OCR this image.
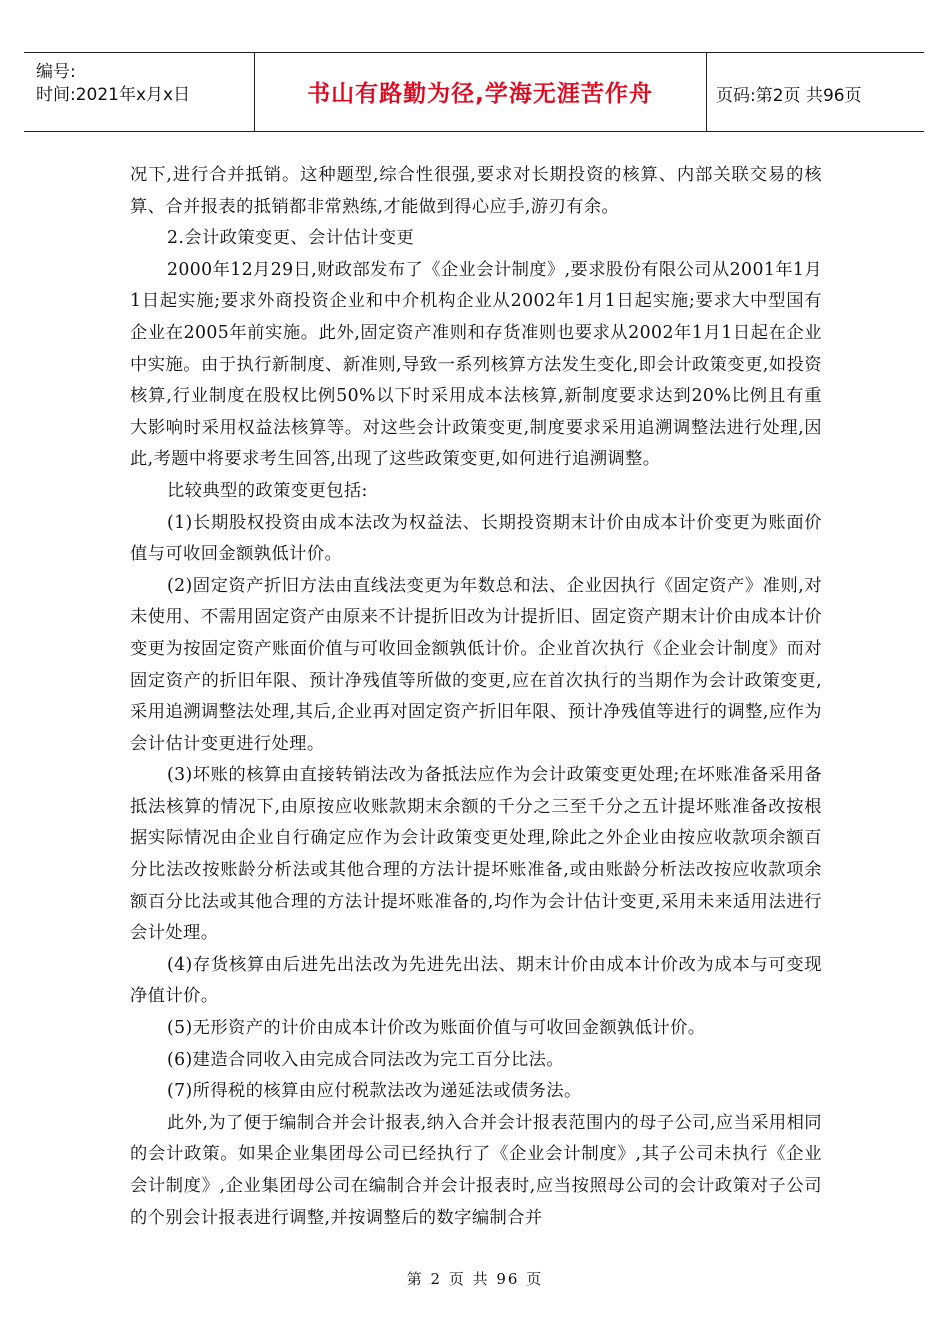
编号:
时间:2021年x月x日	书山有路勤为径,学海无涯苦作舟	页码:第2页 共96页

况下,进行合并抵销。这种题型,综合性很强,要求对长期投资的核算、内部关联交易的核算、合并报表的抵销都非常熟练,才能做到得心应手,游刃有余。

2.会计政策变更、会计估计变更

2000年12月29日,财政部发布了《企业会计制度》,要求股份有限公司从2001年1月1日起实施;要求外商投资企业和中介机构企业从2002年1月1日起实施;要求大中型国有企业在2005年前实施。此外,固定资产准则和存货准则也要求从2002年1月1日起在企业中实施。由于执行新制度、新准则,导致一系列核算方法发生变化,即会计政策变更,如投资核算,行业制度在股权比例50%以下时采用成本法核算,新制度要求达到20%比例且有重大影响时采用权益法核算等。对这些会计政策变更,制度要求采用追溯调整法进行处理,因此,考题中将要求考生回答,出现了这些政策变更,如何进行追溯调整。

比较典型的政策变更包括:

(1)长期股权投资由成本法改为权益法、长期投资期末计价由成本计价变更为账面价值与可收回金额孰低计价。

(2)固定资产折旧方法由直线法变更为年数总和法、企业因执行《固定资产》准则,对未使用、不需用固定资产由原来不计提折旧改为计提折旧、固定资产期末计价由成本计价变更为按固定资产账面价值与可收回金额孰低计价。企业首次执行《企业会计制度》而对固定资产的折旧年限、预计净残值等所做的变更,应在首次执行的当期作为会计政策变更,采用追溯调整法处理,其后,企业再对固定资产折旧年限、预计净残值等进行的调整,应作为会计估计变更进行处理。

(3)坏账的核算由直接转销法改为备抵法应作为会计政策变更处理;在坏账准备采用备抵法核算的情况下,由原按应收账款期末余额的千分之三至千分之五计提坏账准备改按根据实际情况由企业自行确定应作为会计政策变更处理,除此之外企业由按应收款项余额百分比法改按账龄分析法或其他合理的方法计提坏账准备,或由账龄分析法改按应收款项余额百分比法或其他合理的方法计提坏账准备的,均作为会计估计变更,采用未来适用法进行会计处理。

(4)存货核算由后进先出法改为先进先出法、期末计价由成本计价改为成本与可变现净值计价。

(5)无形资产的计价由成本计价改为账面价值与可收回金额孰低计价。

(6)建造合同收入由完成合同法改为完工百分比法。

(7)所得税的核算由应付税款法改为递延法或债务法。

此外,为了便于编制合并会计报表,纳入合并会计报表范围内的母子公司,应当采用相同的会计政策。如果企业集团母公司已经执行了《企业会计制度》,其子公司未执行《企业会计制度》,企业集团母公司在编制合并会计报表时,应当按照母公司的会计政策对子公司的个别会计报表进行调整,并按调整后的数字编制合并

第 2 页 共 96 页
